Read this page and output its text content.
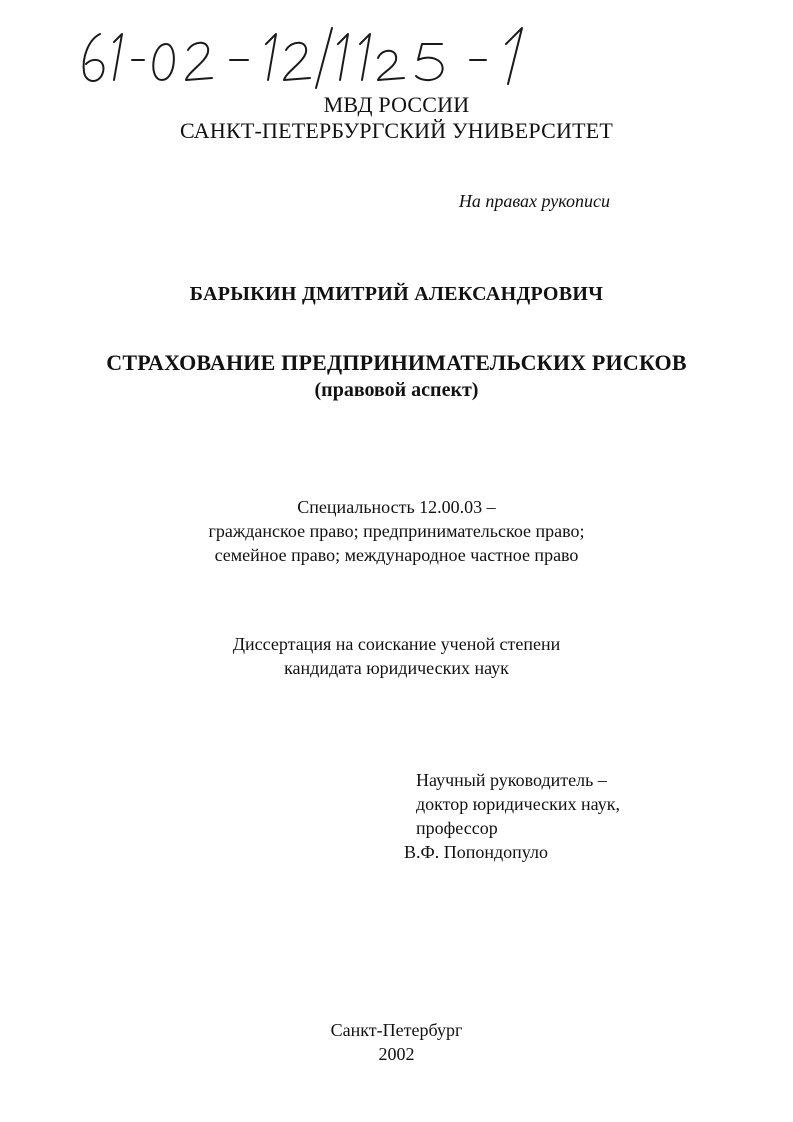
МВД РОССИИ
САНКТ-ПЕТЕРБУРГСКИЙ УНИВЕРСИТЕТ
На правах рукописи
БАРЫКИН ДМИТРИЙ АЛЕКСАНДРОВИЧ
СТРАХОВАНИЕ ПРЕДПРИНИМАТЕЛЬСКИХ РИСКОВ
(правовой аспект)
Специальность 12.00.03 –
гражданское право; предпринимательское право;
семейное право; международное частное право
Диссертация на соискание ученой степени
кандидата юридических наук
Научный руководитель –
доктор юридических наук,
профессор
В.Ф. Попондопуло
Санкт-Петербург
2002
